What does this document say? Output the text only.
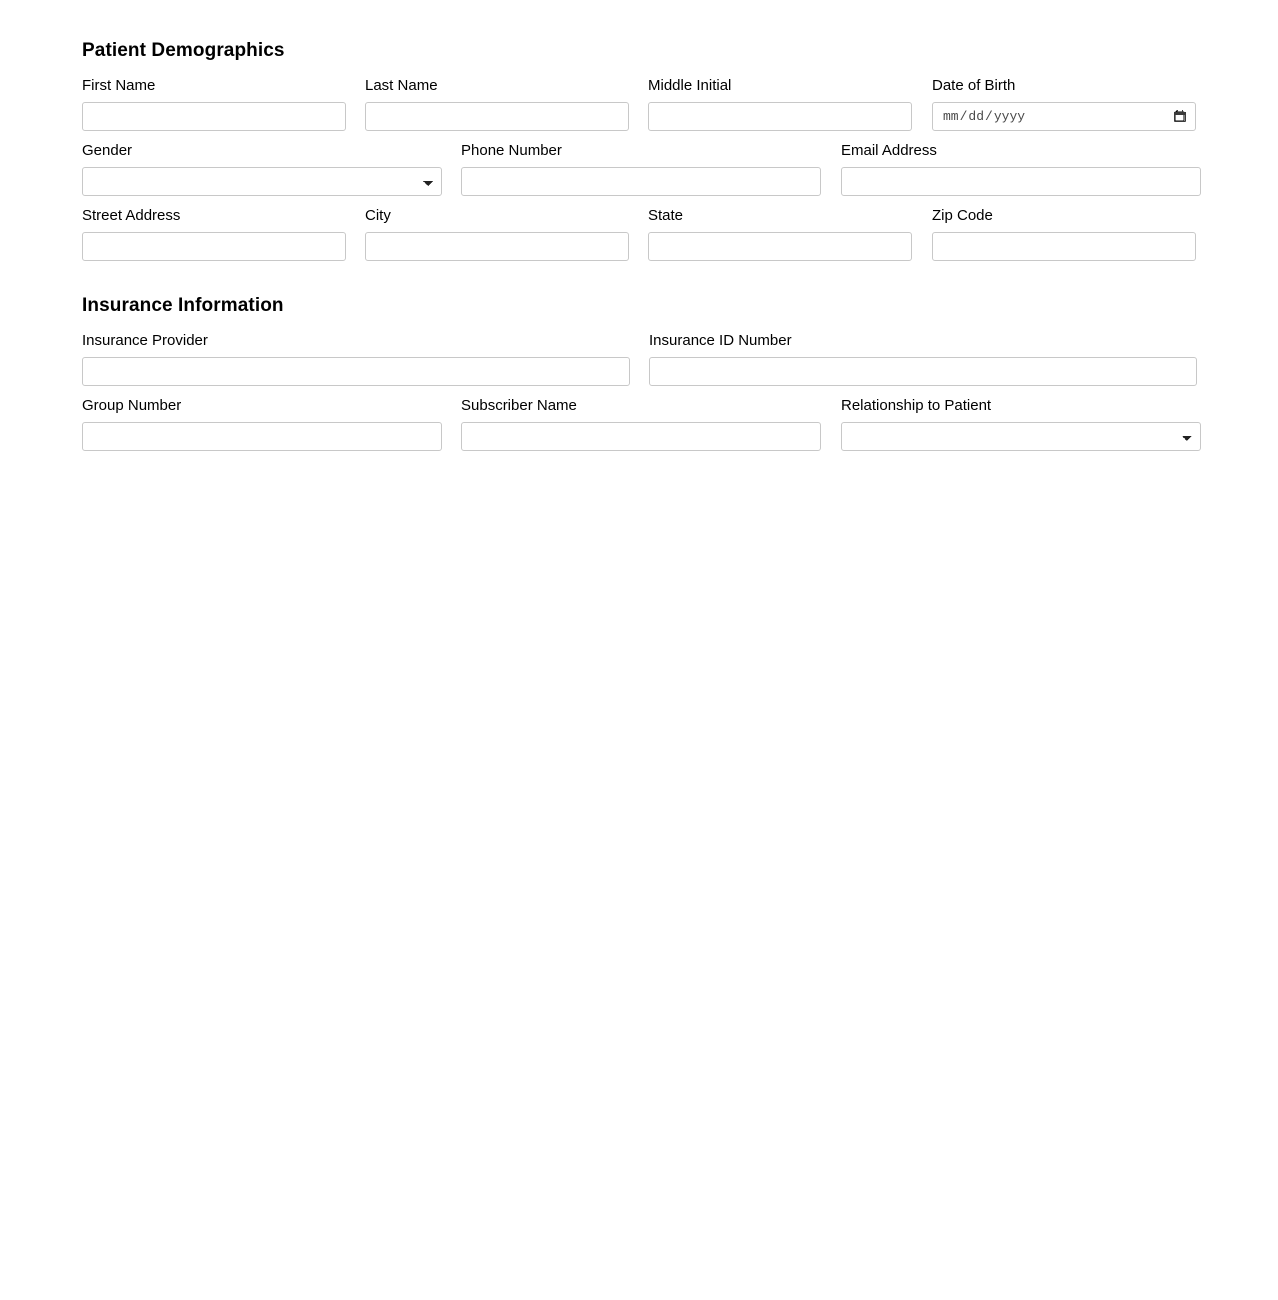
Patient Demographics
First Name	Last Name	Middle Initial	Date of Birth
Gender	Phone Number	Email Address
Street Address	City	State	Zip Code
Insurance Information
Insurance Provider	Insurance ID Number
Group Number	Subscriber Name	Relationship to Patient
